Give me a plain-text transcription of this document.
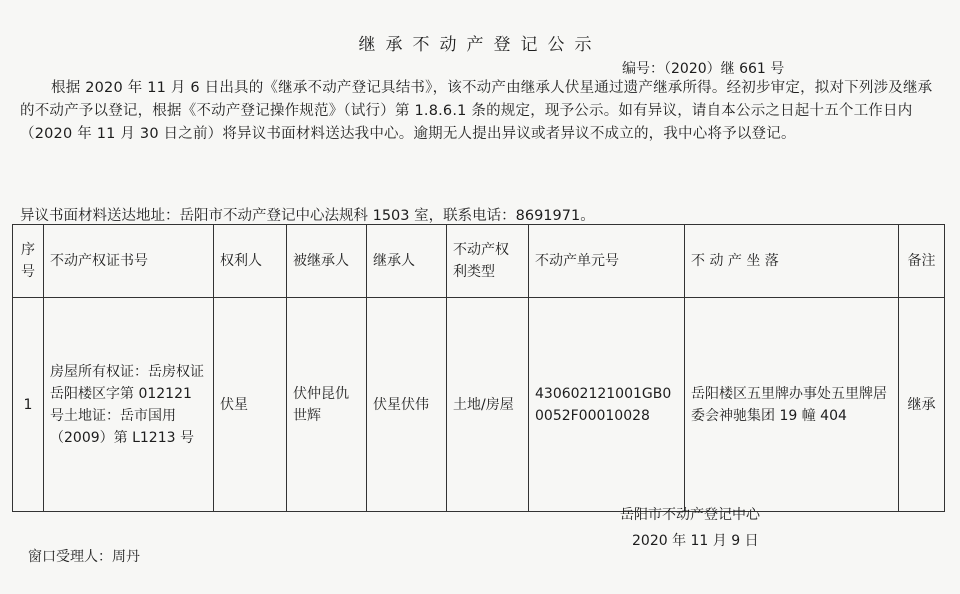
继承不动产登记公示
编号：（2020）继 661 号

根据 2020 年 11 月 6 日出具的《继承不动产登记具结书》，该不动产由继承人伏星通过遗产继承所得。经初步审定，拟对下列涉及继承的不动产予以登记，根据《不动产登记操作规范》（试行）第 1.8.6.1 条的规定，现予公示。如有异议，请自本公示之日起十五个工作日内（2020 年 11 月 30 日之前）将异议书面材料送达我中心。逾期无人提出异议或者异议不成立的，我中心将予以登记。

异议书面材料送达地址：岳阳市不动产登记中心法规科 1503 室，联系电话：8691971。
序号	不动产权证书号	权利人	被继承人	继承人	不动产权利类型	不动产单元号	不 动 产 坐 落	备注
1	房屋所有权证：岳房权证岳阳楼区字第 012121 号土地证：岳市国用（2009）第 L1213 号	伏星	伏仲昆仇世辉	伏星伏伟	土地/房屋	430602121001GB00052F00010028	岳阳楼区五里牌办事处五里牌居委会神驰集团 19 幢 404	继承
岳阳市不动产登记中心
2020 年 11 月 9 日
窗口受理人：周丹
